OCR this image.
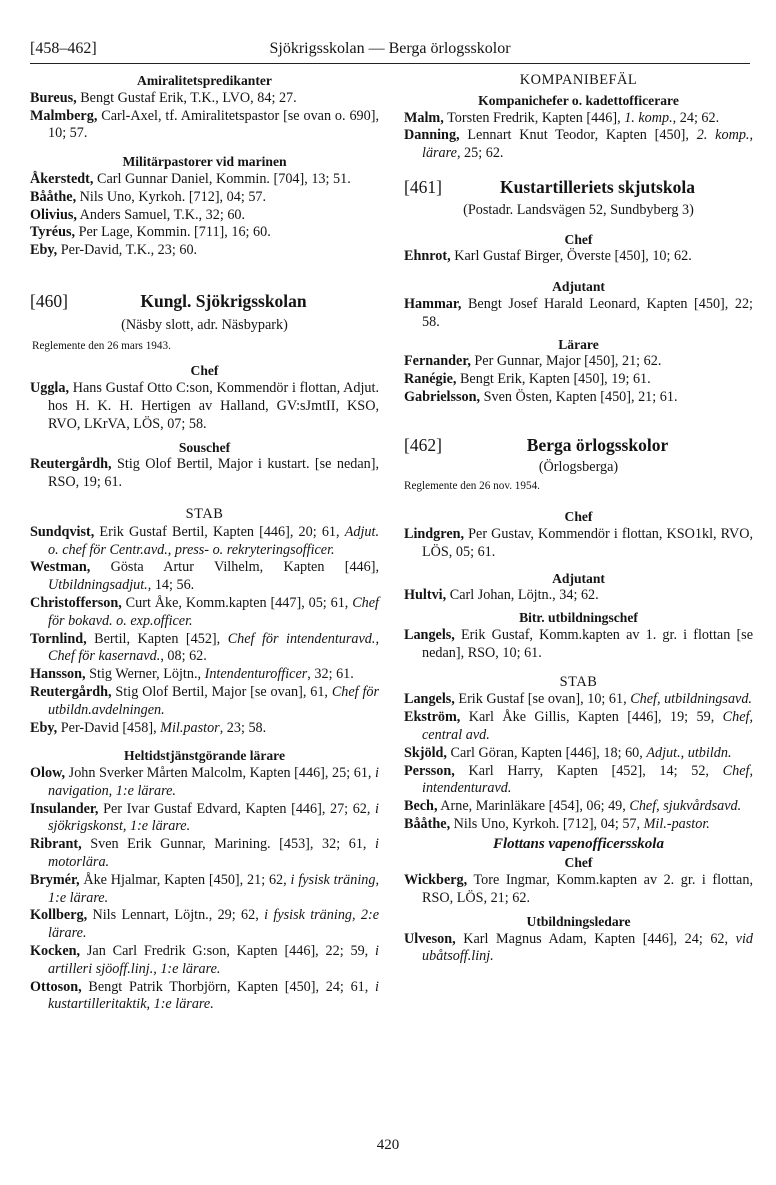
[458–462]	Sjökrigsskolan — Berga örlogsskolor

Amiralitetspredikanter

Bureus, Bengt Gustaf Erik, T.K., LVO, 84; 27.

Malmberg, Carl-Axel, tf. Amiralitetspastor [se ovan o. 690], 10; 57.

Militärpastorer vid marinen

Åkerstedt, Carl Gunnar Daniel, Kommin. [704], 13; 51.

Bååthe, Nils Uno, Kyrkoh. [712], 04; 57.

Olivius, Anders Samuel, T.K., 32; 60.

Tyréus, Per Lage, Kommin. [711], 16; 60.

Eby, Per-David, T.K., 23; 60.

[460]	Kungl. Sjökrigsskolan

(Näsby slott, adr. Näsbypark)

Reglemente den 26 mars 1943.

Chef

Uggla, Hans Gustaf Otto C:son, Kommendör i flottan, Adjut. hos H. K. H. Hertigen av Halland, GV:sJmtII, KSO, RVO, LKrVA, LÖS, 07; 58.

Souschef

Reutergårdh, Stig Olof Bertil, Major i kustart. [se nedan], RSO, 19; 61.

STAB

Sundqvist, Erik Gustaf Bertil, Kapten [446], 20; 61, Adjut. o. chef för Centr.avd., press- o. rekryteringsofficer.

Westman, Gösta Artur Vilhelm, Kapten [446], Utbildningsadjut., 14; 56.

Christofferson, Curt Åke, Komm.kapten [447], 05; 61, Chef för bokavd. o. exp.officer.

Tornlind, Bertil, Kapten [452], Chef för intendenturavd., Chef för kasernavd., 08; 62.

Hansson, Stig Werner, Löjtn., Intendenturofficer, 32; 61.

Reutergårdh, Stig Olof Bertil, Major [se ovan], 61, Chef för utbildn.avdelningen.

Eby, Per-David [458], Mil.pastor, 23; 58.

Heltidstjänstgörande lärare

Olow, John Sverker Mårten Malcolm, Kapten [446], 25; 61, i navigation, 1:e lärare.

Insulander, Per Ivar Gustaf Edvard, Kapten [446], 27; 62, i sjökrigskonst, 1:e lärare.

Ribrant, Sven Erik Gunnar, Marining. [453], 32; 61, i motorlära.

Brymér, Åke Hjalmar, Kapten [450], 21; 62, i fysisk träning, 1:e lärare.

Kollberg, Nils Lennart, Löjtn., 29; 62, i fysisk träning, 2:e lärare.

Kocken, Jan Carl Fredrik G:son, Kapten [446], 22; 59, i artilleri sjöoff.linj., 1:e lärare.

Ottoson, Bengt Patrik Thorbjörn, Kapten [450], 24; 61, i kustartilleritaktik, 1:e lärare.

KOMPANIBEFÄL

Kompanichefer o. kadettofficerare

Malm, Torsten Fredrik, Kapten [446], 1. komp., 24; 62.

Danning, Lennart Knut Teodor, Kapten [450], 2. komp., lärare, 25; 62.

[461]	Kustartilleriets skjutskola

(Postadr. Landsvägen 52, Sundbyberg 3)

Chef

Ehnrot, Karl Gustaf Birger, Överste [450], 10; 62.

Adjutant

Hammar, Bengt Josef Harald Leonard, Kapten [450], 22; 58.

Lärare

Fernander, Per Gunnar, Major [450], 21; 62.

Ranégie, Bengt Erik, Kapten [450], 19; 61.

Gabrielsson, Sven Östen, Kapten [450], 21; 61.

[462]	Berga örlogsskolor

(Örlogsberga)

Reglemente den 26 nov. 1954.

Chef

Lindgren, Per Gustav, Kommendör i flottan, KSO1kl, RVO, LÖS, 05; 61.

Adjutant

Hultvi, Carl Johan, Löjtn., 34; 62.

Bitr. utbildningschef

Langels, Erik Gustaf, Komm.kapten av 1. gr. i flottan [se nedan], RSO, 10; 61.

STAB

Langels, Erik Gustaf [se ovan], 10; 61, Chef, utbildningsavd.

Ekström, Karl Åke Gillis, Kapten [446], 19; 59, Chef, central avd.

Skjöld, Carl Göran, Kapten [446], 18; 60, Adjut., utbildn.

Persson, Karl Harry, Kapten [452], 14; 52, Chef, intendenturavd.

Bech, Arne, Marinläkare [454], 06; 49, Chef, sjukvårdsavd.

Bååthe, Nils Uno, Kyrkoh. [712], 04; 57, Mil.-pastor.

Flottans vapenofficersskola

Chef

Wickberg, Tore Ingmar, Komm.kapten av 2. gr. i flottan, RSO, LÖS, 21; 62.

Utbildningsledare

Ulveson, Karl Magnus Adam, Kapten [446], 24; 62, vid ubåtsoff.linj.

420
